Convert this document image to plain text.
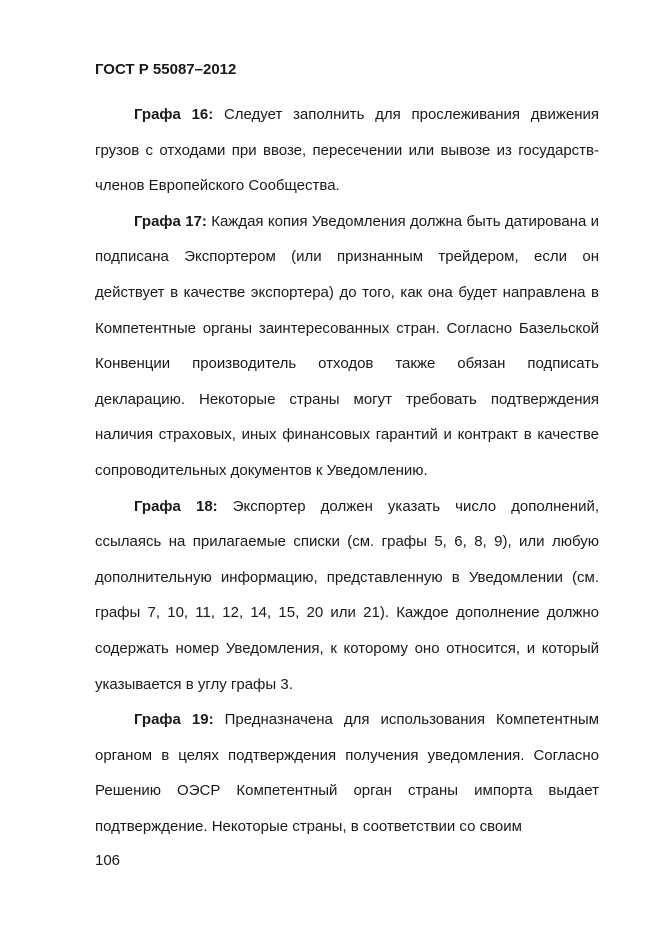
ГОСТ Р 55087–2012

Графа 16: Следует заполнить для прослеживания движения грузов с отходами при ввозе, пересечении или вывозе из государств-членов Европейского Сообщества.

Графа 17: Каждая копия Уведомления должна быть датирована и подписана Экспортером (или признанным трейдером, если он действует в качестве экспортера) до того, как она будет направлена в Компетентные органы заинтересованных стран. Согласно Базельской Конвенции производитель отходов также обязан подписать декларацию. Некоторые страны могут требовать подтверждения наличия страховых, иных финансовых гарантий и контракт в качестве сопроводительных документов к Уведомлению.

Графа 18: Экспортер должен указать число дополнений, ссылаясь на прилагаемые списки (см. графы 5, 6, 8, 9), или любую дополнительную информацию, представленную в Уведомлении (см. графы 7, 10, 11, 12, 14, 15, 20 или 21). Каждое дополнение должно содержать номер Уведомления, к которому оно относится, и который указывается в углу графы 3.

Графа 19: Предназначена для использования Компетентным органом в целях подтверждения получения уведомления. Согласно Решению ОЭСР Компетентный орган страны импорта выдает подтверждение. Некоторые страны, в соответствии со своим

106
